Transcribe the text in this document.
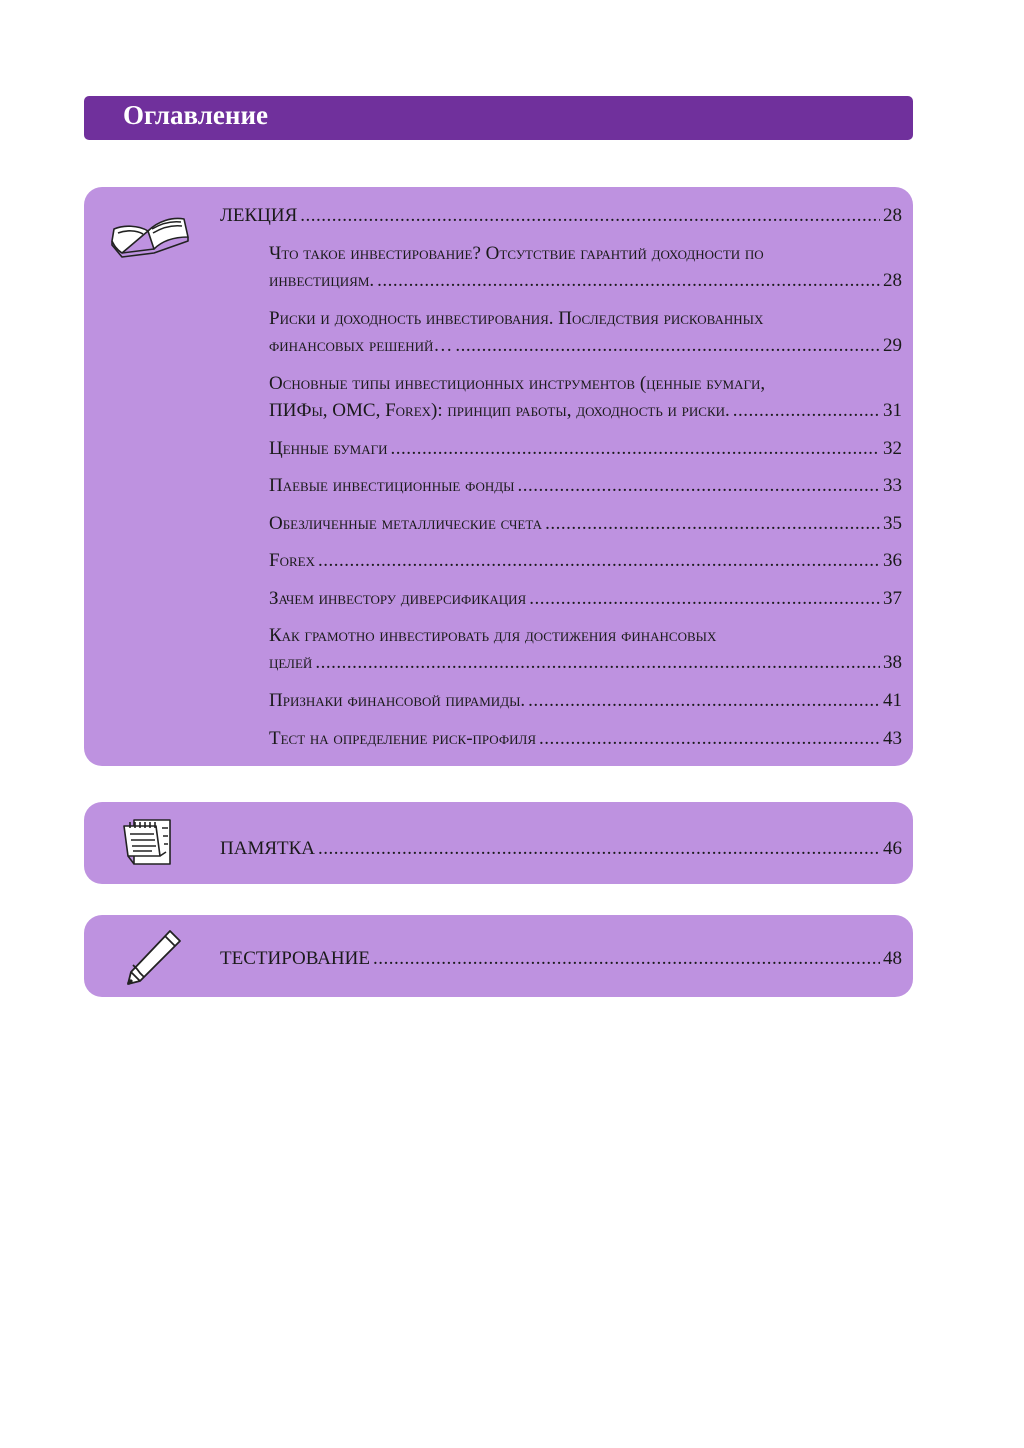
Оглавление
ЛЕКЦИЯ .....	28
Что такое инвестирование? Отсутствие гарантий доходности по
инвестициям. .....	28
Риски и доходность инвестирования. Последствия рискованных
финансовых решений… .....	29
Основные типы инвестиционных инструментов (ценные бумаги,
ПИФы, ОМС, Forex): принцип работы, доходность и риски. .....	31
Ценные бумаги .....	32
Паевые инвестиционные фонды .....	33
Обезличенные металлические счета .....	35
Forex .....	36
Зачем инвестору диверсификация .....	37
Как грамотно инвестировать для достижения финансовых
целей .....	38
Признаки финансовой пирамиды. .....	41
Тест на определение риск-профиля .....	43
ПАМЯТКА .....	46
ТЕСТИРОВАНИЕ .....	48
